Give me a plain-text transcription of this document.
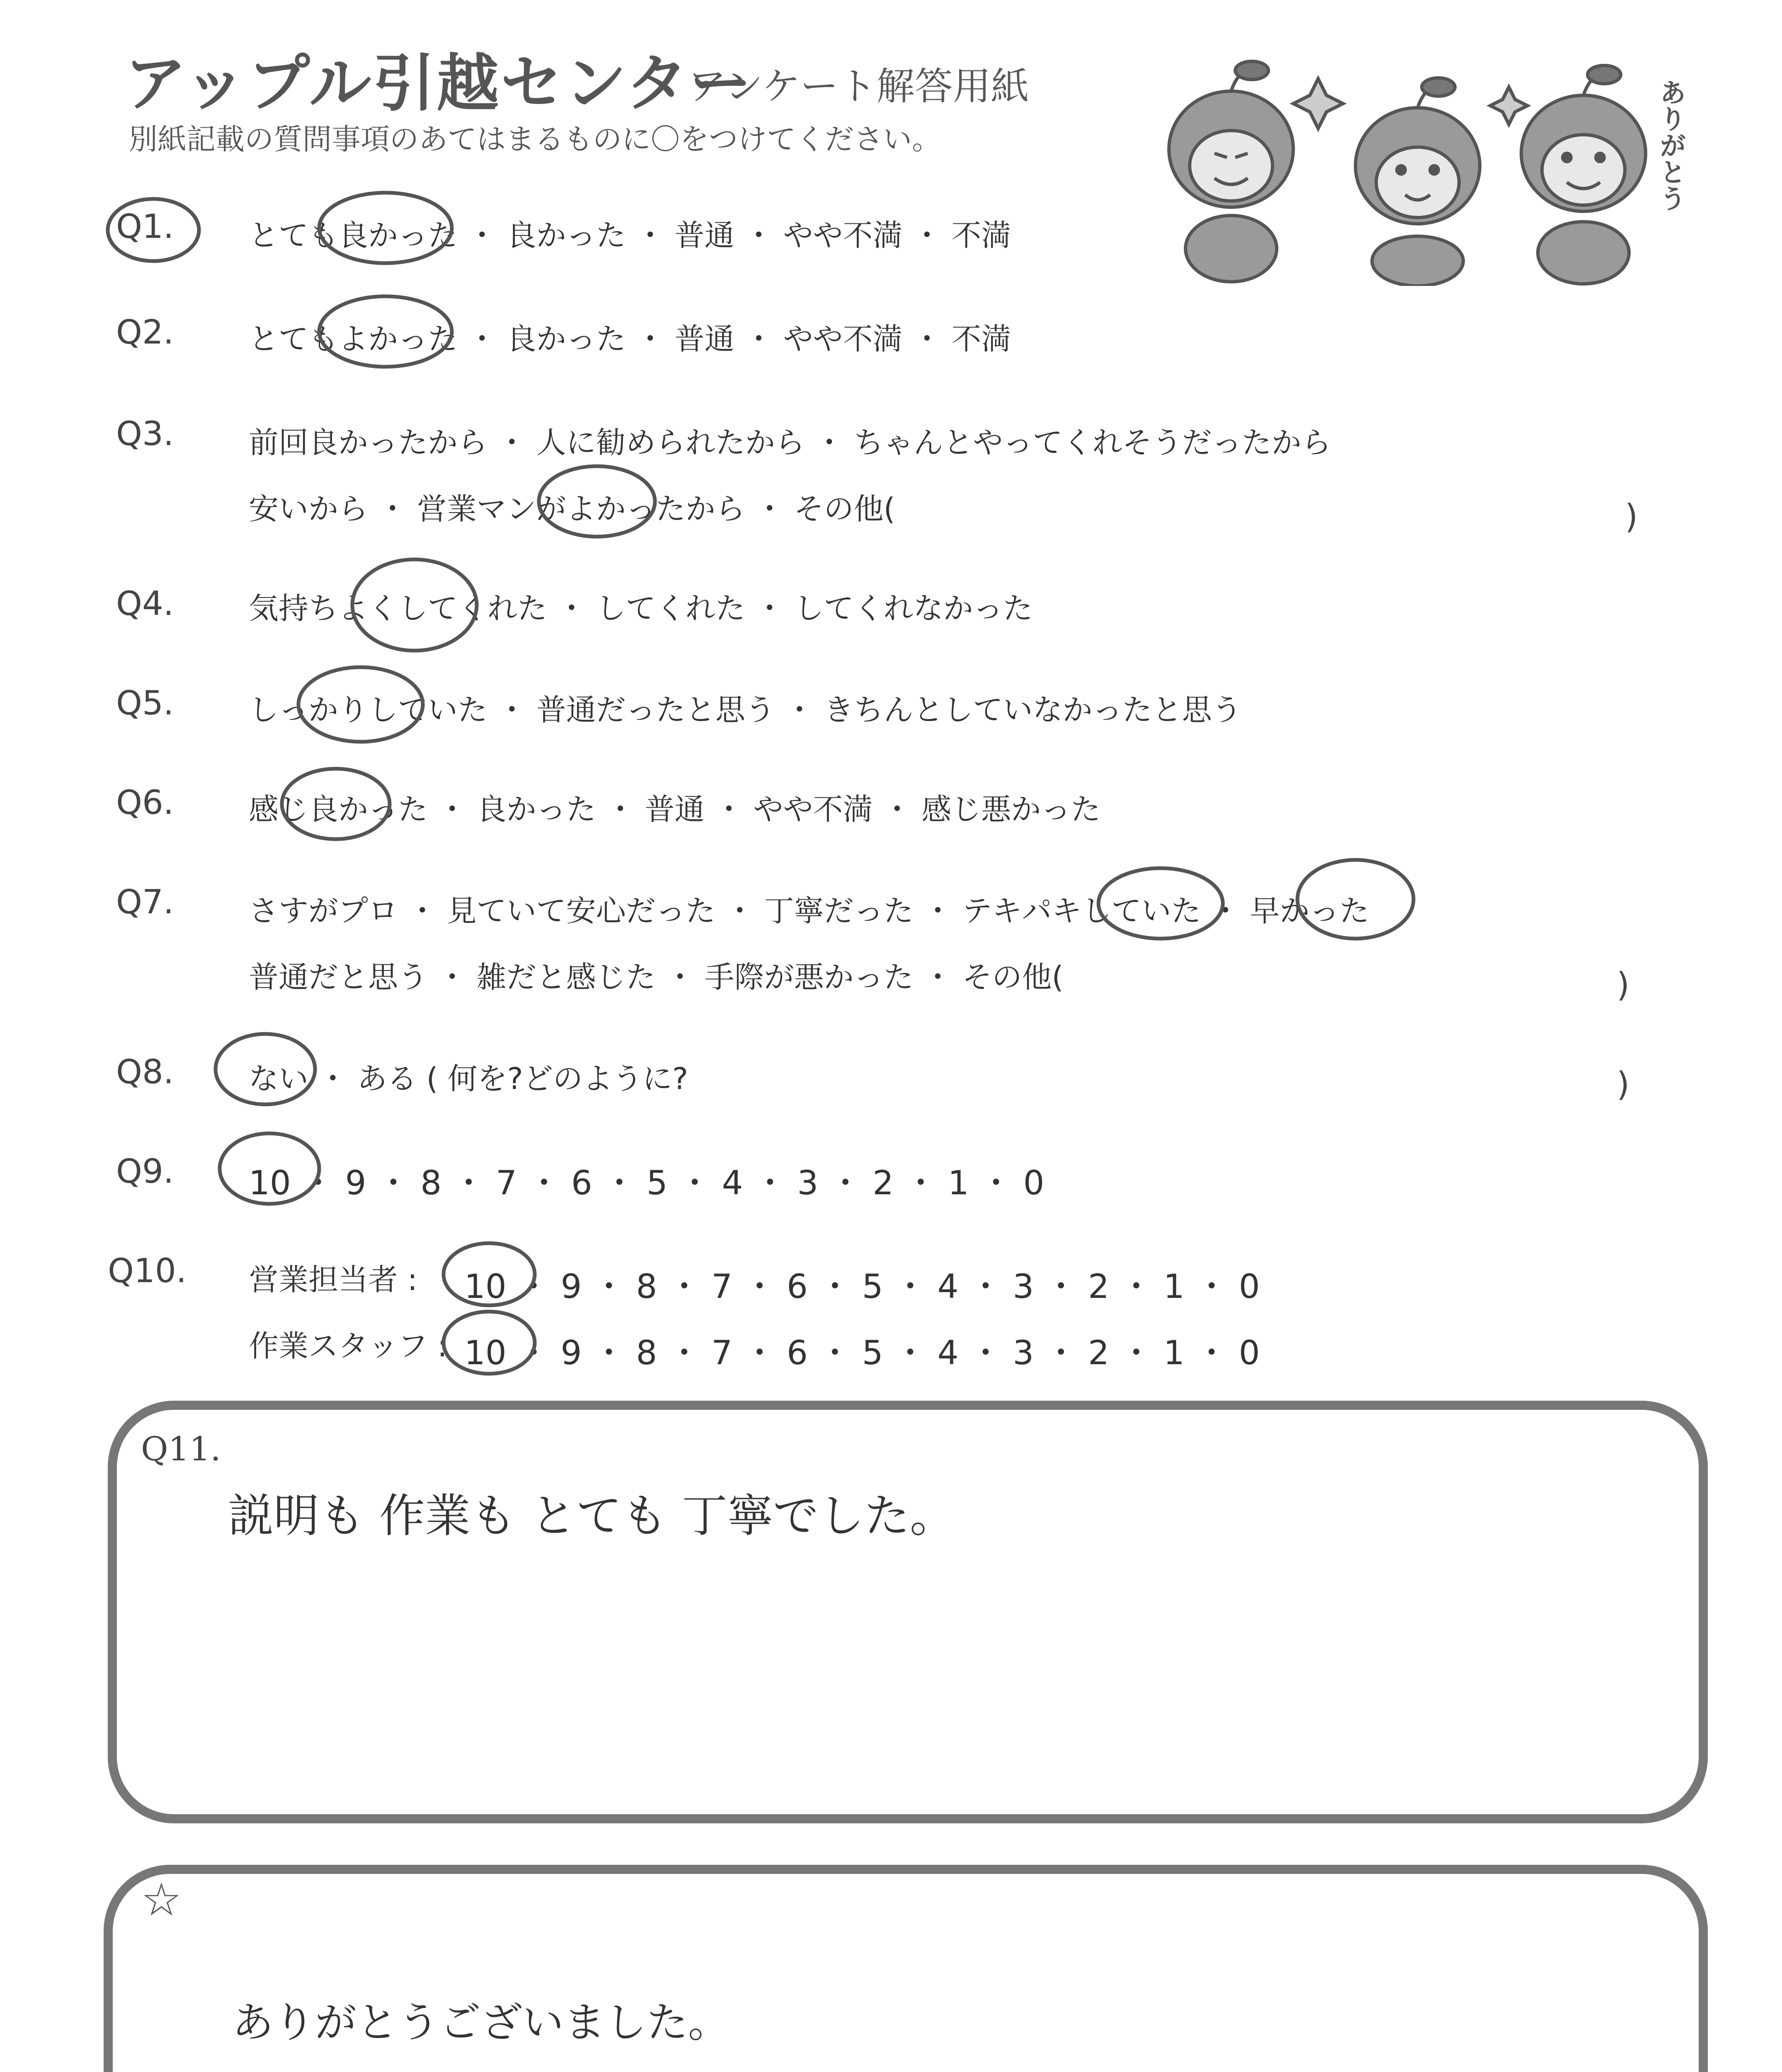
アップル引越センター
アンケート解答用紙
別紙記載の質問事項のあてはまるものに〇をつけてください。	ありがとう
Q1.	とても良かった ・ 良かった ・ 普通 ・ やや不満 ・ 不満
Q2.	とてもよかった ・ 良かった ・ 普通 ・ やや不満 ・ 不満
Q3.	前回良かったから ・ 人に勧められたから ・ ちゃんとやってくれそうだったから
安いから ・ 営業マンがよかったから ・ その他(	)
Q4.	気持ちよくしてくれた ・ してくれた ・ してくれなかった
Q5.	しっかりしていた ・ 普通だったと思う ・ きちんとしていなかったと思う
Q6.	感じ良かった ・ 良かった ・ 普通 ・ やや不満 ・ 感じ悪かった
Q7.	さすがプロ ・ 見ていて安心だった ・ 丁寧だった ・ テキパキしていた ・ 早かった
普通だと思う ・ 雑だと感じた ・ 手際が悪かった ・ その他(	)
Q8.	ない ・ ある ( 何を?どのように?	)
Q9. 10 ・ 9 ・ 8 ・ 7 ・ 6 ・ 5 ・ 4 ・ 3 ・ 2 ・ 1 ・ 0
Q10. 営業担当者 : 10 ・ 9 ・ 8 ・ 7 ・ 6 ・ 5 ・ 4 ・ 3 ・ 2 ・ 1 ・ 0
作業スタッフ : 10 ・ 9 ・ 8 ・ 7 ・ 6 ・ 5 ・ 4 ・ 3 ・ 2 ・ 1 ・ 0
Q11.
説明も 作業も とても 丁寧でした。
☆
ありがとうございました。
